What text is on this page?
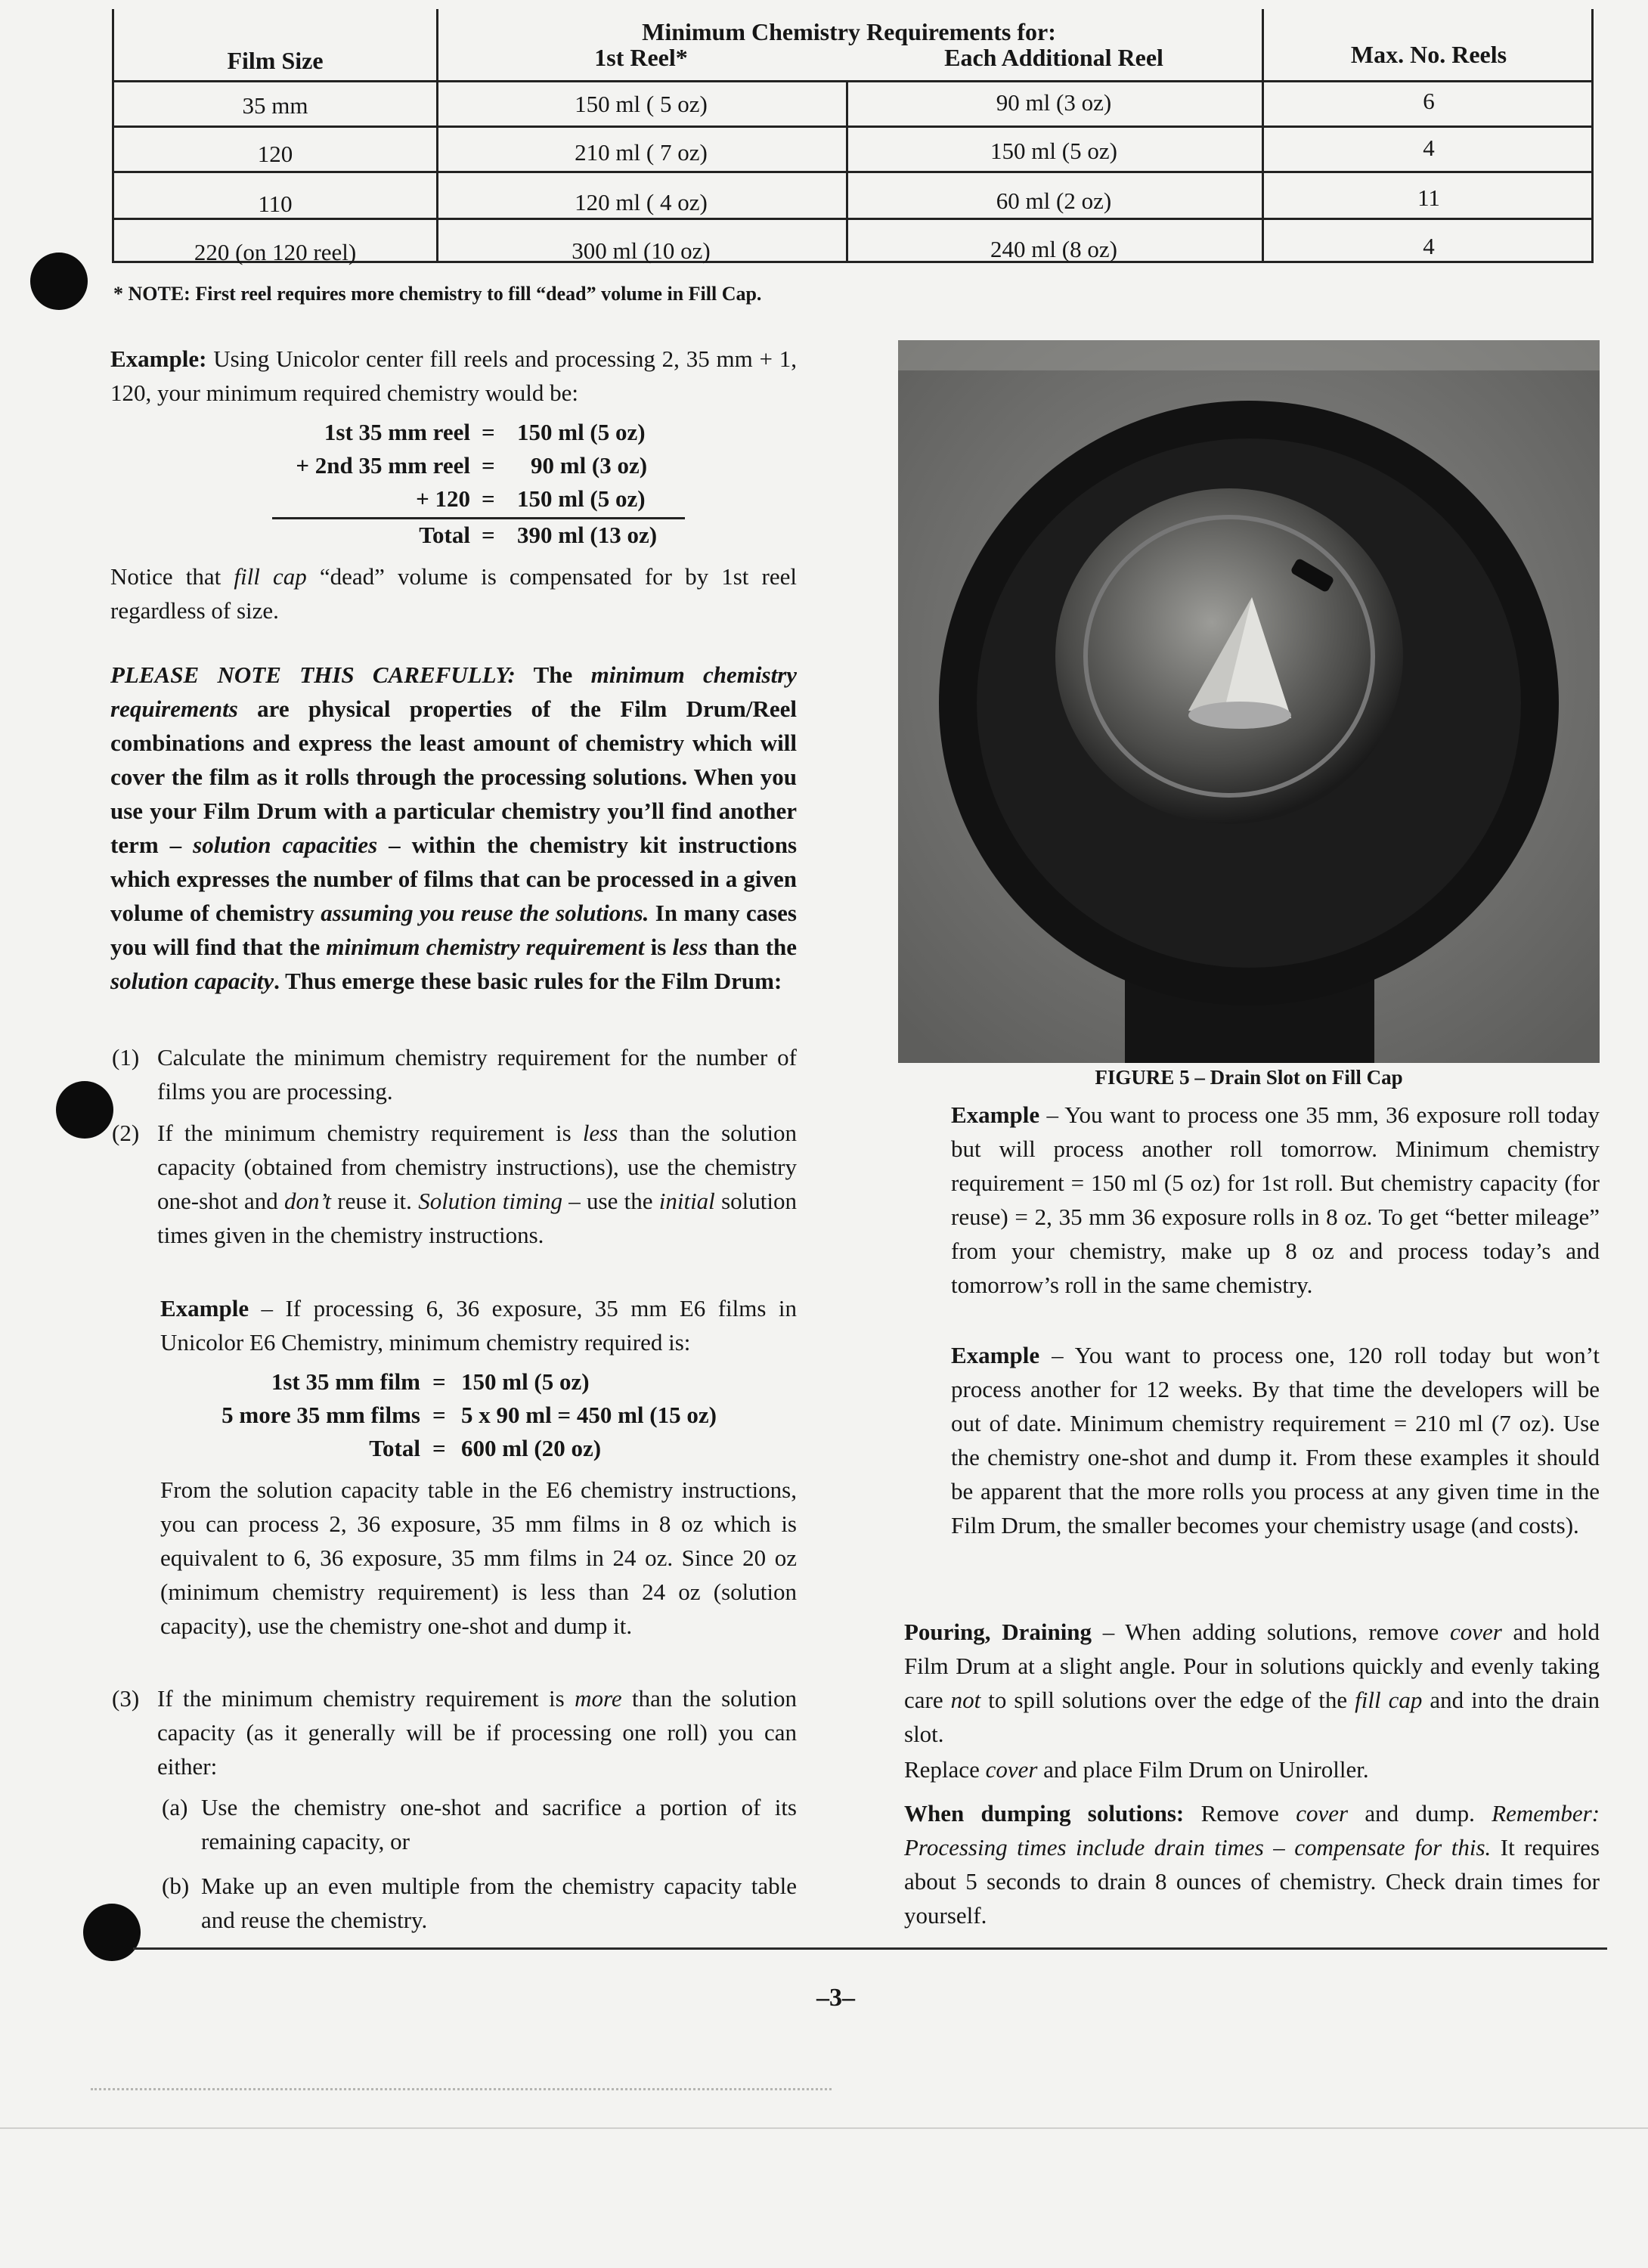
Film Size
Minimum Chemistry Requirements for:
1st Reel*	Each Additional Reel	Max. No. Reels
35 mm	150 ml ( 5 oz)	90 ml (3 oz)	6
120	210 ml ( 7 oz)	150 ml (5 oz)	4
110	120 ml ( 4 oz)	60 ml (2 oz)	11
220 (on 120 reel)	300 ml (10 oz)	240 ml (8 oz)	4
* NOTE: First reel requires more chemistry to fill “dead” volume in Fill Cap.

Example: Using Unicolor center fill reels and processing 2, 35 mm + 1, 120, your minimum required chemistry would be:

1st 35 mm reel = 150 ml (5 oz)
+ 2nd 35 mm reel = 90 ml (3 oz)
+ 120 = 150 ml (5 oz)
Total = 390 ml (13 oz)

Notice that fill cap “dead” volume is compensated for by 1st reel regardless of size.

PLEASE NOTE THIS CAREFULLY: The minimum chemistry requirements are physical properties of the Film Drum/Reel combinations and express the least amount of chemistry which will cover the film as it rolls through the processing solutions. When you use your Film Drum with a particular chemistry you’ll find another term – solution capacities – within the chemistry kit instructions which expresses the number of films that can be processed in a given volume of chemistry assuming you reuse the solutions. In many cases you will find that the minimum chemistry requirement is less than the solution capacity. Thus emerge these basic rules for the Film Drum:

(1) Calculate the minimum chemistry requirement for the number of films you are processing.
(2) If the minimum chemistry requirement is less than the solution capacity (obtained from chemistry instructions), use the chemistry one-shot and don’t reuse it. Solution timing – use the initial solution times given in the chemistry instructions.
Example – If processing 6, 36 exposure, 35 mm E6 films in Unicolor E6 Chemistry, minimum chemistry required is:
1st 35 mm film = 150 ml (5 oz)
5 more 35 mm films = 5 x 90 ml = 450 ml (15 oz)
Total = 600 ml (20 oz)
From the solution capacity table in the E6 chemistry instructions, you can process 2, 36 exposure, 35 mm films in 8 oz which is equivalent to 6, 36 exposure, 35 mm films in 24 oz. Since 20 oz (minimum chemistry requirement) is less than 24 oz (solution capacity), use the chemistry one-shot and dump it.
(3) If the minimum chemistry requirement is more than the solution capacity (as it generally will be if processing one roll) you can either:
(a) Use the chemistry one-shot and sacrifice a portion of its remaining capacity, or
(b) Make up an even multiple from the chemistry capacity table and reuse the chemistry.
FIGURE 5 – Drain Slot on Fill Cap

Example – You want to process one 35 mm, 36 exposure roll today but will process another roll tomorrow. Minimum chemistry requirement = 150 ml (5 oz) for 1st roll. But chemistry capacity (for reuse) = 2, 35 mm 36 exposure rolls in 8 oz. To get “better mileage” from your chemistry, make up 8 oz and process today’s and tomorrow’s roll in the same chemistry.

Example – You want to process one, 120 roll today but won’t process another for 12 weeks. By that time the developers will be out of date. Minimum chemistry requirement = 210 ml (7 oz). Use the chemistry one-shot and dump it. From these examples it should be apparent that the more rolls you process at any given time in the Film Drum, the smaller becomes your chemistry usage (and costs).

Pouring, Draining – When adding solutions, remove cover and hold Film Drum at a slight angle. Pour in solutions quickly and evenly taking care not to spill solutions over the edge of the fill cap and into the drain slot.

Replace cover and place Film Drum on Uniroller.

When dumping solutions: Remove cover and dump. Remember: Processing times include drain times – compensate for this. It requires about 5 seconds to drain 8 ounces of chemistry. Check drain times for yourself.

–3–
